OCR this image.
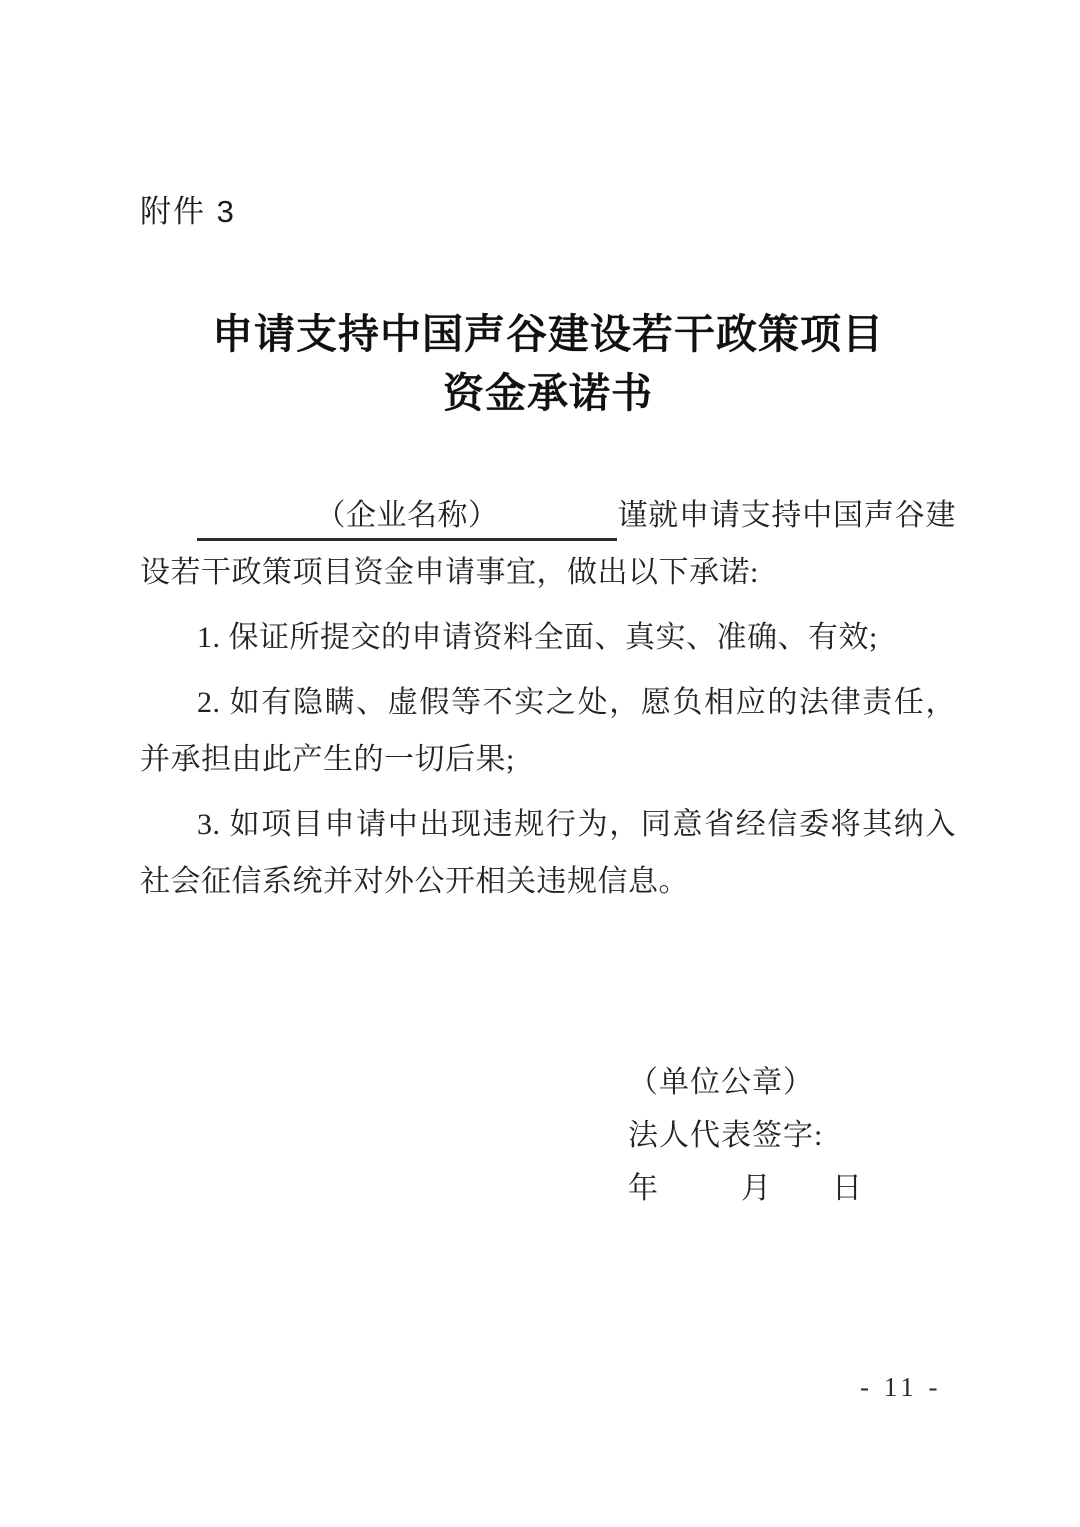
附件 3
申请支持中国声谷建设若干政策项目
资金承诺书

（企业名称）	谨就申请支持中国声谷建设若干政策项目资金申请事宜，做出以下承诺:

1. 保证所提交的申请资料全面、真实、准确、有效;

2. 如有隐瞒、虚假等不实之处，愿负相应的法律责任，并承担由此产生的一切后果;

3. 如项目申请中出现违规行为，同意省经信委将其纳入社会征信系统并对外公开相关违规信息。

（单位公章）

法人代表签字:

年	月 日

- 11 -
